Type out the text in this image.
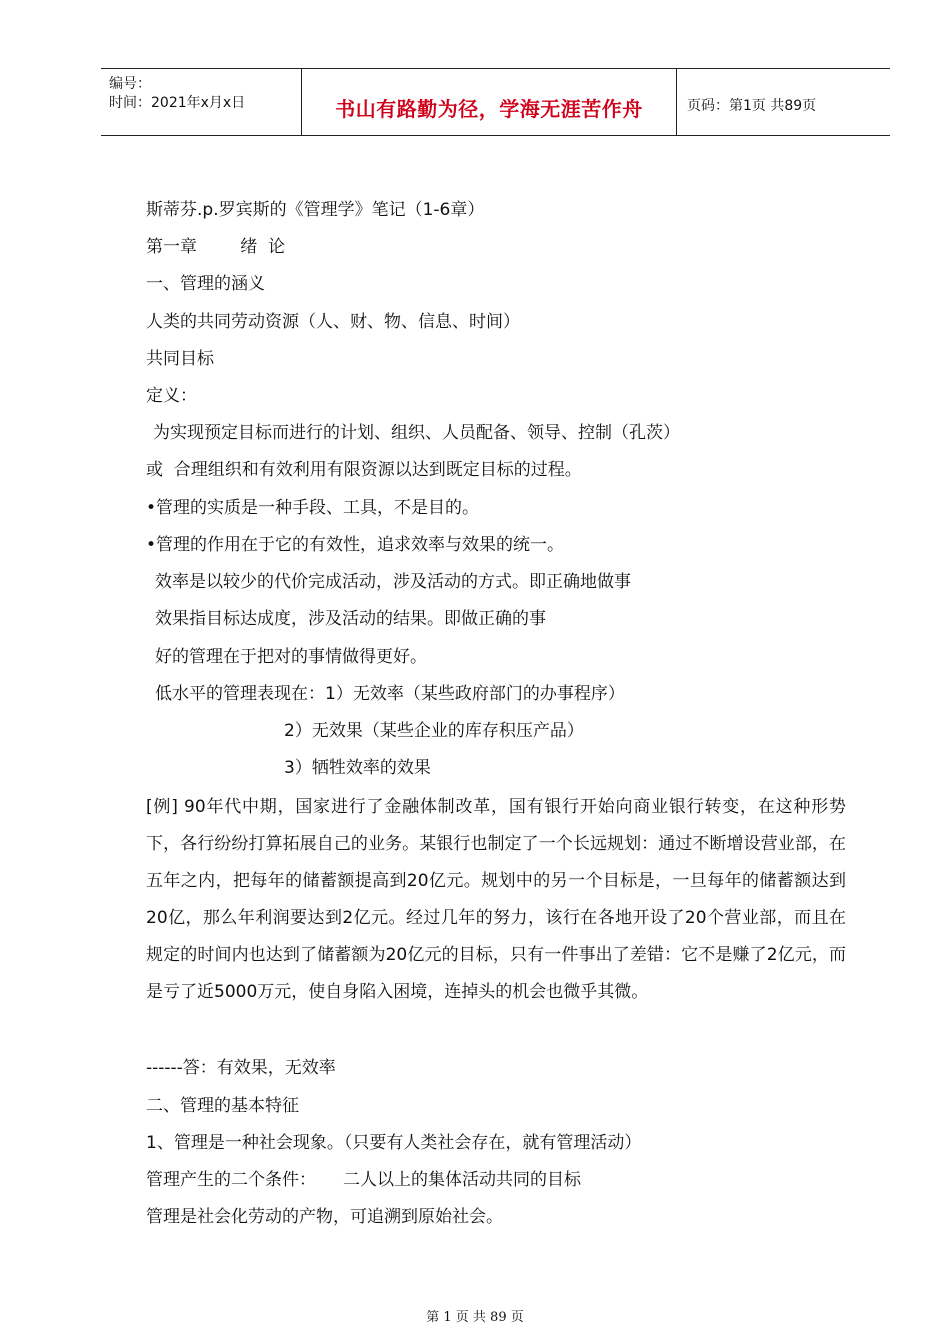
编号：
时间：2021年x月x日	书山有路勤为径，学海无涯苦作舟	页码：第1页 共89页
斯蒂芬.p.罗宾斯的《管理学》笔记（1-6章）
第一章        绪  论
一、管理的涵义
人类的共同劳动资源（人、财、物、信息、时间）
共同目标
定义：
为实现预定目标而进行的计划、组织、人员配备、领导、控制（孔茨）
或  合理组织和有效利用有限资源以达到既定目标的过程。
•管理的实质是一种手段、工具，不是目的。
•管理的作用在于它的有效性，追求效率与效果的统一。
效率是以较少的代价完成活动，涉及活动的方式。即正确地做事
效果指目标达成度，涉及活动的结果。即做正确的事
好的管理在于把对的事情做得更好。
低水平的管理表现在：1）无效率（某些政府部门的办事程序）
2）无效果（某些企业的库存积压产品）
3）牺牲效率的效果
[例] 90年代中期，国家进行了金融体制改革，国有银行开始向商业银行转变，在这种形势下，各行纷纷打算拓展自己的业务。某银行也制定了一个长远规划：通过不断增设营业部，在五年之内，把每年的储蓄额提高到20亿元。规划中的另一个目标是，一旦每年的储蓄额达到20亿，那么年利润要达到2亿元。经过几年的努力，该行在各地开设了20个营业部，而且在规定的时间内也达到了储蓄额为20亿元的目标，只有一件事出了差错：它不是赚了2亿元，而是亏了近5000万元，使自身陷入困境，连掉头的机会也微乎其微。
------答：有效果，无效率
二、管理的基本特征
1、管理是一种社会现象。（只要有人类社会存在，就有管理活动）
管理产生的二个条件：     二人以上的集体活动共同的目标
管理是社会化劳动的产物，可追溯到原始社会。
第 1 页 共 89 页
